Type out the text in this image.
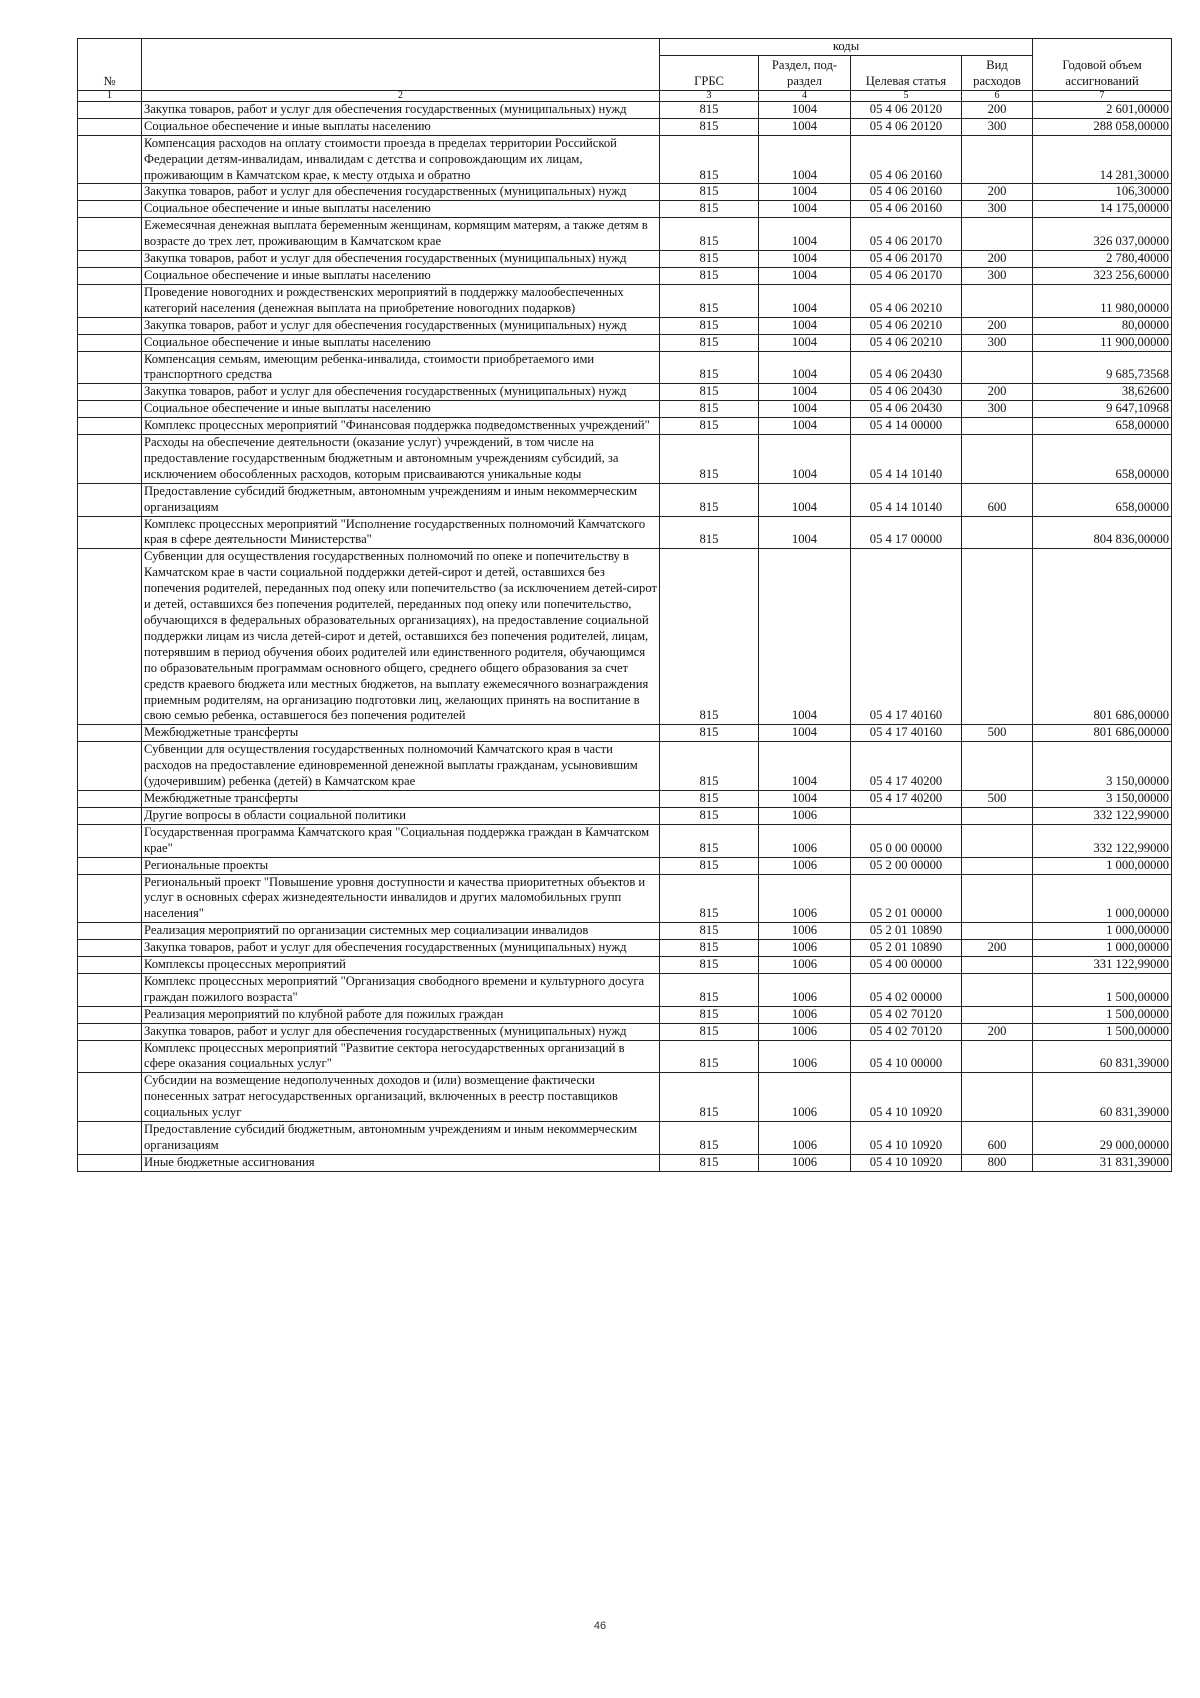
№		коды				Годовой объем ассигнований
		ГРБС	Раздел, под-раздел	Целевая статья	Вид расходов	
1	2	3	4	5	6	7
	Закупка товаров, работ и услуг для обеспечения государственных (муниципальных) нужд	815	1004	05 4 06 20120	200	2 601,00000
	Социальное обеспечение и иные выплаты населению	815	1004	05 4 06 20120	300	288 058,00000
	Компенсация расходов на оплату стоимости проезда в пределах территории Российской Федерации детям-инвалидам, инвалидам с детства и сопровождающим их лицам, проживающим в Камчатском крае, к месту отдыха и обратно	815	1004	05 4 06 20160		14 281,30000
	Закупка товаров, работ и услуг для обеспечения государственных (муниципальных) нужд	815	1004	05 4 06 20160	200	106,30000
	Социальное обеспечение и иные выплаты населению	815	1004	05 4 06 20160	300	14 175,00000
	Ежемесячная денежная выплата беременным женщинам, кормящим матерям, а также детям в возрасте до трех лет, проживающим в Камчатском крае	815	1004	05 4 06 20170		326 037,00000
	Закупка товаров, работ и услуг для обеспечения государственных (муниципальных) нужд	815	1004	05 4 06 20170	200	2 780,40000
	Социальное обеспечение и иные выплаты населению	815	1004	05 4 06 20170	300	323 256,60000
	Проведение новогодних и рождественских мероприятий в поддержку малообеспеченных категорий населения (денежная выплата на приобретение новогодних подарков)	815	1004	05 4 06 20210		11 980,00000
	Закупка товаров, работ и услуг для обеспечения государственных (муниципальных) нужд	815	1004	05 4 06 20210	200	80,00000
	Социальное обеспечение и иные выплаты населению	815	1004	05 4 06 20210	300	11 900,00000
	Компенсация семьям, имеющим ребенка-инвалида, стоимости приобретаемого ими транспортного средства	815	1004	05 4 06 20430		9 685,73568
	Закупка товаров, работ и услуг для обеспечения государственных (муниципальных) нужд	815	1004	05 4 06 20430	200	38,62600
	Социальное обеспечение и иные выплаты населению	815	1004	05 4 06 20430	300	9 647,10968
	Комплекс процессных мероприятий "Финансовая поддержка подведомственных учреждений"	815	1004	05 4 14 00000		658,00000
	Расходы на обеспечение деятельности (оказание услуг) учреждений, в том числе на предоставление государственным бюджетным и автономным учреждениям субсидий, за исключением обособленных расходов, которым присваиваются уникальные коды	815	1004	05 4 14 10140		658,00000
	Предоставление субсидий бюджетным, автономным учреждениям и иным некоммерческим организациям	815	1004	05 4 14 10140	600	658,00000
	Комплекс процессных мероприятий "Исполнение государственных полномочий Камчатского края в сфере деятельности Министерства"	815	1004	05 4 17 00000		804 836,00000
	Субвенции для осуществления государственных полномочий по опеке и попечительству в Камчатском крае в части социальной поддержки детей-сирот и детей, оставшихся без попечения родителей, переданных под опеку или попечительство (за исключением детей-сирот и детей, оставшихся без попечения родителей, переданных под опеку или попечительство, обучающихся в федеральных образовательных организациях), на предоставление социальной поддержки лицам из числа детей-сирот и детей, оставшихся без попечения родителей, лицам, потерявшим в период обучения обоих родителей или единственного родителя, обучающимся по образовательным программам основного общего, среднего общего образования за счет средств краевого бюджета или местных бюджетов, на выплату ежемесячного вознаграждения приемным родителям, на организацию подготовки лиц, желающих принять на воспитание в свою семью ребенка, оставшегося без попечения родителей	815	1004	05 4 17 40160		801 686,00000
	Межбюджетные трансферты	815	1004	05 4 17 40160	500	801 686,00000
	Субвенции для осуществления государственных полномочий Камчатского края в части расходов на предоставление единовременной денежной выплаты гражданам, усыновившим (удочерившим) ребенка (детей) в Камчатском крае	815	1004	05 4 17 40200		3 150,00000
	Межбюджетные трансферты	815	1004	05 4 17 40200	500	3 150,00000
	Другие вопросы в области социальной политики	815	1006			332 122,99000
	Государственная программа Камчатского края "Социальная поддержка граждан в Камчатском крае"	815	1006	05 0 00 00000		332 122,99000
	Региональные проекты	815	1006	05 2 00 00000		1 000,00000
	Региональный проект "Повышение уровня доступности и качества приоритетных объектов и услуг в основных сферах жизнедеятельности инвалидов и других маломобильных групп населения"	815	1006	05 2 01 00000		1 000,00000
	Реализация мероприятий по организации системных мер социализации инвалидов	815	1006	05 2 01 10890		1 000,00000
	Закупка товаров, работ и услуг для обеспечения государственных (муниципальных) нужд	815	1006	05 2 01 10890	200	1 000,00000
	Комплексы процессных мероприятий	815	1006	05 4 00 00000		331 122,99000
	Комплекс процессных мероприятий "Организация свободного времени и культурного досуга граждан пожилого возраста"	815	1006	05 4 02 00000		1 500,00000
	Реализация мероприятий по клубной работе для пожилых граждан	815	1006	05 4 02 70120		1 500,00000
	Закупка товаров, работ и услуг для обеспечения государственных (муниципальных) нужд	815	1006	05 4 02 70120	200	1 500,00000
	Комплекс процессных мероприятий "Развитие сектора негосударственных организаций в сфере оказания социальных услуг"	815	1006	05 4 10 00000		60 831,39000
	Субсидии на возмещение недополученных доходов и (или) возмещение фактически понесенных затрат негосударственных организаций, включенных в реестр поставщиков социальных услуг	815	1006	05 4 10 10920		60 831,39000
	Предоставление субсидий бюджетным, автономным учреждениям и иным некоммерческим организациям	815	1006	05 4 10 10920	600	29 000,00000
	Иные бюджетные ассигнования	815	1006	05 4 10 10920	800	31 831,39000
46
